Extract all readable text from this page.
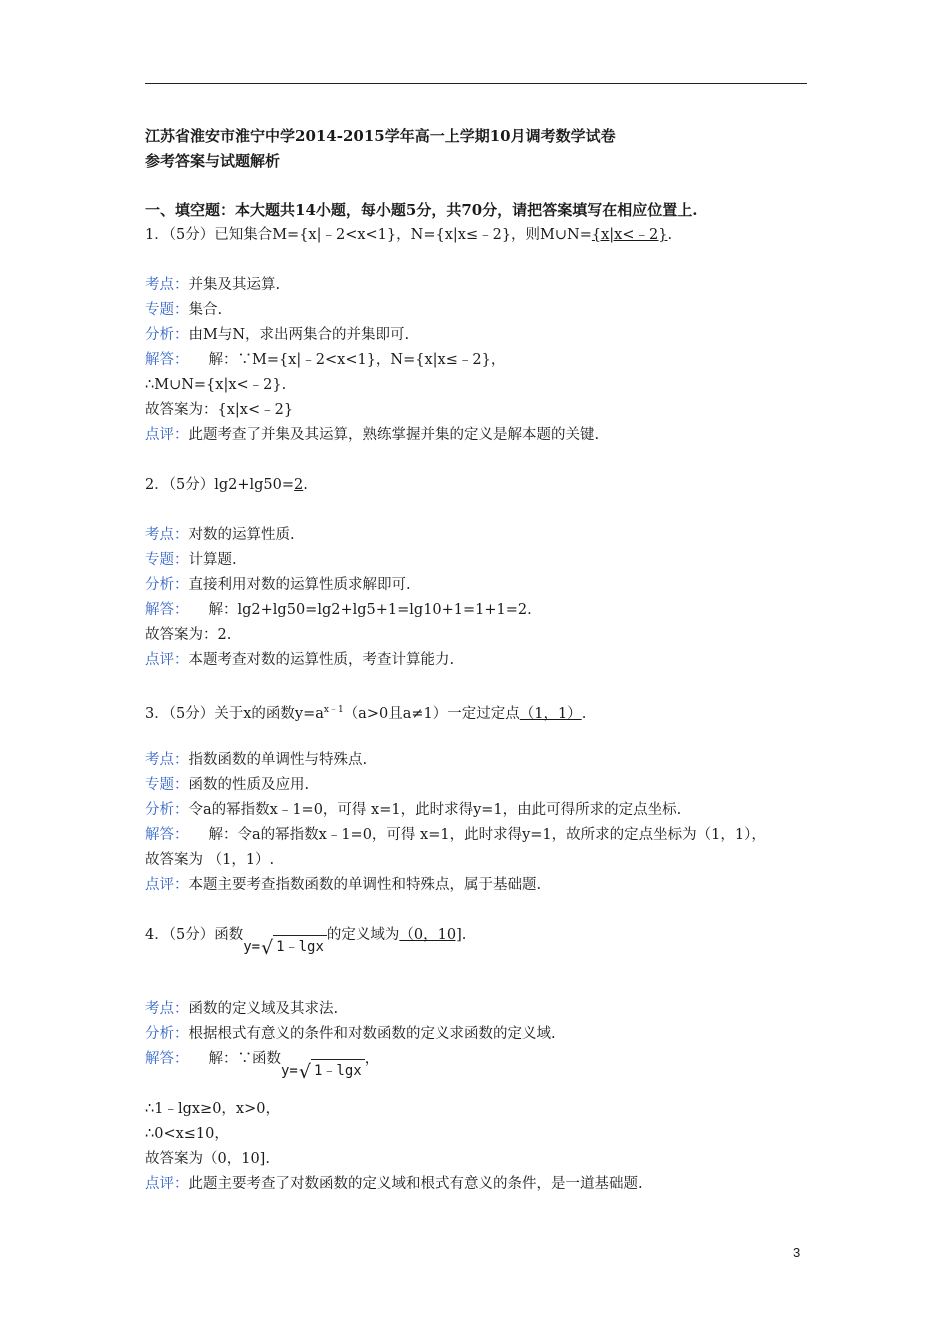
江苏省淮安市淮宁中学2014-2015学年高一上学期10月调考数学试卷
参考答案与试题解析
一、填空题：本大题共14小题，每小题5分，共70分，请把答案填写在相应位置上.
1．（5分）已知集合M={x|﹣2<x<1}，N={x|x≤﹣2}，则M∪N={x|x<﹣2}.
考点：并集及其运算.
专题：集合.
分析：由M与N，求出两集合的并集即可.
解答： 解：∵M={x|﹣2<x<1}，N={x|x≤﹣2}，
∴M∪N={x|x<﹣2}.
故答案为：{x|x<﹣2}
点评：此题考查了并集及其运算，熟练掌握并集的定义是解本题的关键.
2．（5分）lg2+lg50=2.
考点：对数的运算性质.
专题：计算题.
分析：直接利用对数的运算性质求解即可.
解答： 解：lg2+lg50=lg2+lg5+1=lg10+1=1+1=2.
故答案为：2.
点评：本题考查对数的运算性质，考查计算能力.
3．（5分）关于x的函数$y=a^{x﹣1}(a>0$且a≠1）一定过定点（1，1）.
考点：指数函数的单调性与特殊点.
专题：函数的性质及应用.
分析：令a的幂指数x﹣1=0，可得 x=1，此时求得y=1，由此可得所求的定点坐标.
解答： 解：令a的幂指数x﹣1=0，可得 x=1，此时求得y=1，故所求的定点坐标为（1，1），
故答案为 （1，1）.
点评：本题主要考查指数函数的单调性和特殊点，属于基础题.
4．（5分）函数y=√ 1﹣lgx的定义域为（0，10].
考点：函数的定义域及其求法.
分析：根据根式有意义的条件和对数函数的定义求函数的定义域.
解答： 解：∵函数y=√ 1﹣lgx，
∴1﹣lgx≥0，x>0，
∴0<x≤10，
故答案为（0，10].
点评：此题主要考查了对数函数的定义域和根式有意义的条件，是一道基础题.
3
